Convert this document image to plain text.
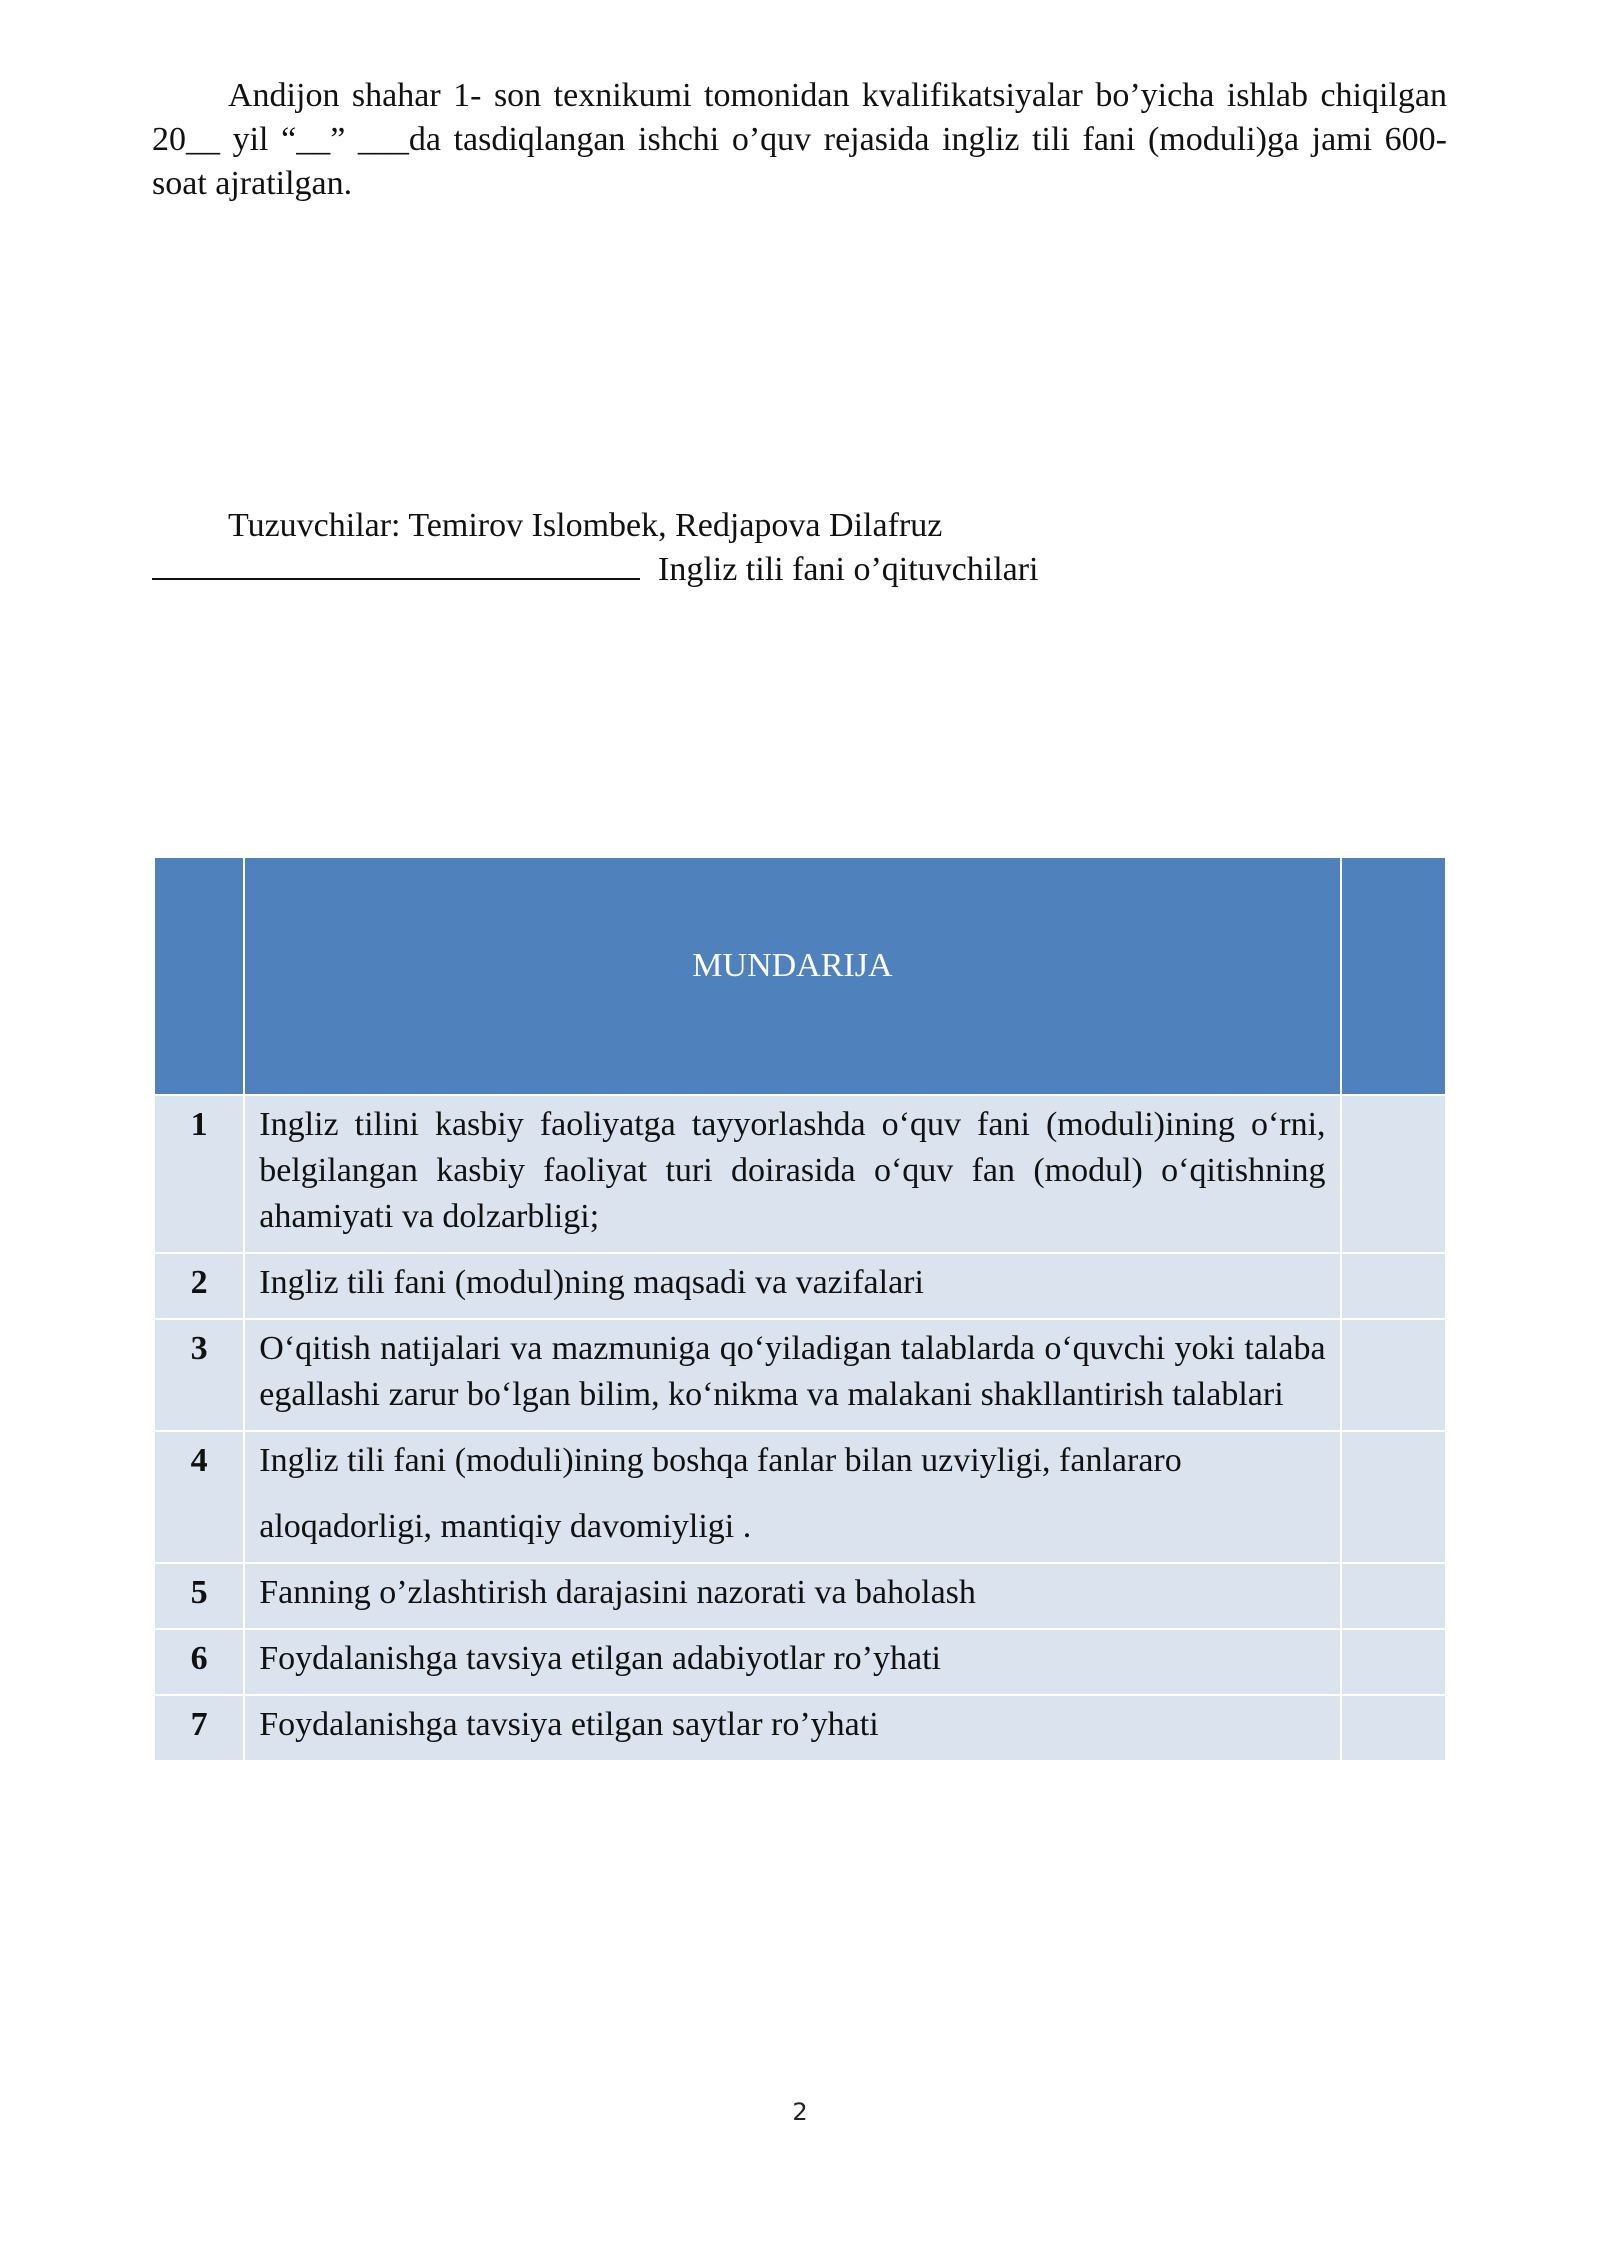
Andijon shahar 1- son texnikumi tomonidan kvalifikatsiyalar bo’yicha ishlab chiqilgan 20__ yil “__” ___da tasdiqlangan ishchi o’quv rejasida ingliz tili fani (moduli)ga jami 600-soat ajratilgan.

Tuzuvchilar: Temirov Islombek, Redjapova Dilafruz
Ingliz tili fani o’qituvchilari
	MUNDARIJA	
1	Ingliz tilini kasbiy faoliyatga tayyorlashda o‘quv fani (moduli)ining o‘rni, belgilangan kasbiy faoliyat turi doirasida o‘quv fan (modul) o‘qitishning ahamiyati va dolzarbligi;	
2	Ingliz tili fani (modul)ning maqsadi va vazifalari	
3	O‘qitish natijalari va mazmuniga qo‘yiladigan talablarda o‘quvchi yoki talaba egallashi zarur bo‘lgan bilim, ko‘nikma va malakani shakllantirish talablari	
4	Ingliz tili fani (moduli)ining boshqa fanlar bilan uzviyligi, fanlararo
aloqadorligi, mantiqiy davomiyligi .	

5	Fanning o’zlashtirish darajasini nazorati va baholash	
6	Foydalanishga tavsiya etilgan adabiyotlar ro’yhati	
7	Foydalanishga tavsiya etilgan saytlar ro’yhati	
2
